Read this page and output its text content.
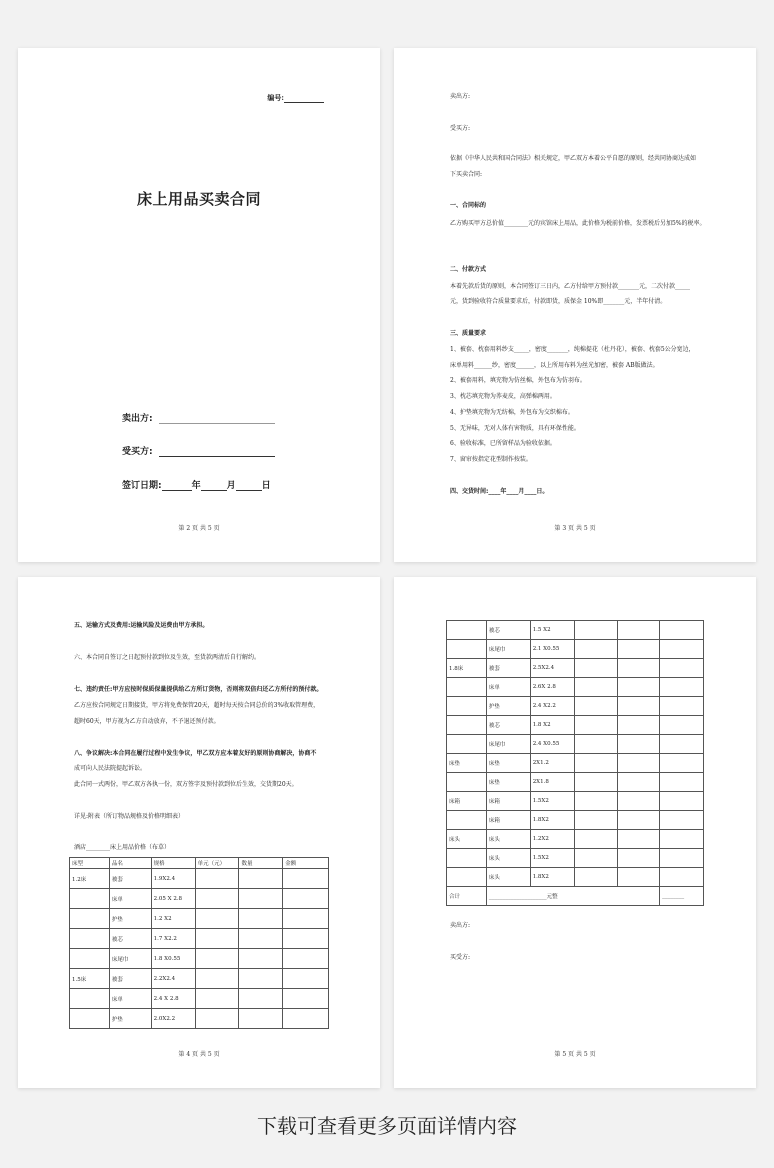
编号:
床上用品买卖合同
卖出方:
受买方:
签订日期:	年	月	日
第 2 页 共 5 页
卖出方:
受买方:
依据《中华人民共和国合同法》相关规定，甲乙双方本着公平自愿的原则，经共同协商达成如
下买卖合同:
一、合同标的
乙方购买甲方总价值________元的宾馆床上用品，此价格为税前价格，发票税后另加5%的税率。
二、付款方式
本着先款后货的原则，本合同签订三日内，乙方付给甲方预付款_______元，二次付款_____
元，货到验收符合质量要求后，付款即货，质保金 10%即_______元，半年付清。
三、质量要求
1、被套、枕套用料纱支_____，密度_______，纯棉提花（杜丹花），被套、枕套5公分宽边，
床单用料______纱，密度______，以上所用布料为丝光加密，被套 AB版做法。
2、被套用料，填充物为仿丝棉，外包布为仿羽布。
3、枕芯填充物为荞麦皮，高弹棉两用。
4、护垫填充物为无纺棉，外包布为交织棉布。
5、无异味，无对人体有害物质，具有环保性能。
6、验收标准，已所留样品为验收依据。
7、窗帘按指定花型制作按装。
四、交货时间:____年____月____日。
第 3 页 共 5 页
五、运输方式及费用:运输风险及运费由甲方承担。
六、本合同自签订之日起预付款到位及生效，至货款两清后自行解约。
七、违约责任:甲方应按时保质保量提供给乙方所订货物，否则将双倍归还乙方所付的预付款。
乙方应按合同规定日期接货，甲方将免费保管20天，超时每天按合同总价的3%收取管理费，
超时60天，甲方视为乙方自动放弃，不予退还预付款。
八、争议解决:本合同在履行过程中发生争议，甲乙双方应本着友好的原则协商解决，协商不
成可向人民法院提起诉讼。
此合同一式两份，甲乙双方各执一份，双方签字及预付款到位后生效，交货期20天。
详见:附表（所订物品规格及价格明细表）
酒店________床上用品价格（布草）
床型	品名	规格	单元（元）	数量	金额
1.2床	被套	1.9X2.4			
	床单	2.05 X 2.8			
	护垫	1.2 X2			
	被芯	1.7 X2.2			
	床尾巾	1.8 X0.55			
1.5床	被套	2.2X2.4			
	床单	2.4 X 2.8			
	护垫	2.0X2.2			
第 4 页 共 5 页
	被芯	1.5 X2			
	床尾巾	2.1 X0.55			
1.8床	被套	2.5X2.4			
	床单	2.6X 2.8			
	护垫	2.4 X2.2			
	被芯	1.8 X2			
	床尾巾	2.4 X0.55			
床垫	床垫	2X1.2			
	床垫	2X1.8			
床箱	床箱	1.5X2			
	床箱	1.8X2			
床头	床头	1.2X2			
	床头	1.5X2			
	床头	1.8X2			
合计	_____________________元整				________
卖出方:
买受方:
第 5 页 共 5 页
下载可查看更多页面详情内容
